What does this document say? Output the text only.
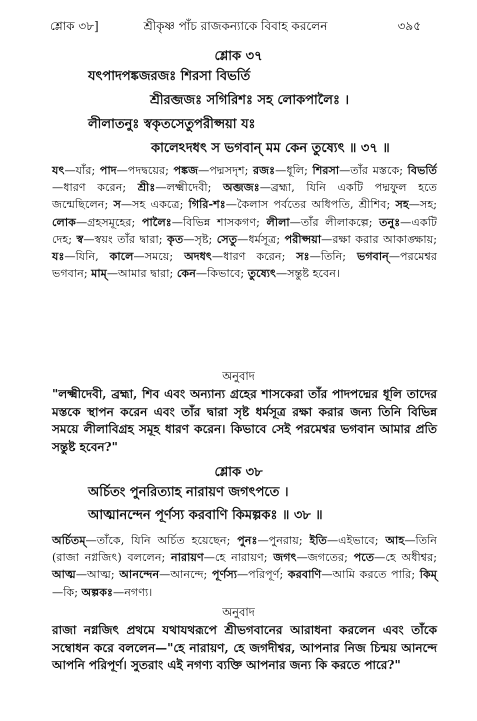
শ্লোক ৩৮]	শ্রীকৃষ্ণ পাঁচ রাজকন্যাকে বিবাহ করলেন	৩৯৫
শ্লোক ৩৭
যৎপাদপঙ্কজরজঃ শিরসা বিভর্তি
শ্রীরব্জজঃ সগিরিশঃ সহ লোকপালৈঃ ।
লীলাতনুঃ স্বকৃতসেতুপরীপ্সয়া যঃ
কালেঽদধৎ স ভগবান্ মম কেন তুষ্যেৎ ॥ ৩৭ ॥
যৎ—যাঁর; পাদ—পদদ্বয়ের; পঙ্কজ—পদ্মসদৃশ; রজঃ—ধূলি; শিরসা—তাঁর মস্তকে; বিভর্তি—ধারণ করেন; শ্রীঃ—লক্ষ্মীদেবী; অব্জজঃ—ব্রহ্মা, যিনি একটি পদ্মফুল হতে জন্মেছিলেন; স—সহ একত্রে; গিরি-শঃ—কৈলাস পর্বতের অধিপতি, শ্রীশিব; সহ—সহ; লোক—গ্রহসমূহের; পালৈঃ—বিভিন্ন শাসকগণ; লীলা—তাঁর লীলাকল্পে; তনুঃ—একটি দেহ; স্ব—স্বয়ং তাঁর দ্বারা; কৃত—সৃষ্ট; সেতু—ধর্মসূত্র; পরীপ্সয়া—রক্ষা করার আকাঙ্ক্ষায়; যঃ—যিনি, কালে—সময়ে; অদধৎ—ধারণ করেন; সঃ—তিনি; ভগবান্—পরমেশ্বর ভগবান; মাম্—আমার দ্বারা; কেন—কিভাবে; তুষ্যেৎ—সন্তুষ্ট হবেন।
অনুবাদ
"লক্ষ্মীদেবী, ব্রহ্মা, শিব এবং অন্যান্য গ্রহের শাসকেরা তাঁর পাদপদ্মের ধূলি তাদের মস্তকে স্থাপন করেন এবং তাঁর দ্বারা সৃষ্ট ধর্মসূত্র রক্ষা করার জন্য তিনি বিভিন্ন সময়ে লীলাবিগ্রহ সমূহ ধারণ করেন। কিভাবে সেই পরমেশ্বর ভগবান আমার প্রতি সন্তুষ্ট হবেন?"
শ্লোক ৩৮
অর্চিতং পুনরিত্যাহ নারায়ণ জগৎপতে ।
আত্মানন্দেন পূর্ণস্য করবাণি কিমল্পকঃ ॥ ৩৮ ॥
অর্চিতম্—তাঁকে, যিনি অর্চিত হয়েছেন; পুনঃ—পুনরায়; ইতি—এইভাবে; আহ—তিনি (রাজা নগ্নজিৎ) বললেন; নারায়ণ—হে নারায়ণ; জগৎ—জগতের; পতে—হে অধীশ্বর; আত্ম—আত্ম; আনন্দেন—আনন্দে; পূর্ণস্য—পরিপূর্ণ; করবাণি—আমি করতে পারি; কিম্—কি; অল্পকঃ—নগণ্য।
অনুবাদ
রাজা নগ্নজিৎ প্রথমে যথাযথরূপে শ্রীভগবানের আরাধনা করলেন এবং তাঁকে সম্বোধন করে বললেন—"হে নারায়ণ, হে জগদীশ্বর, আপনার নিজ চিন্ময় আনন্দে আপনি পরিপূর্ণ। সুতরাং এই নগণ্য ব্যক্তি আপনার জন্য কি করতে পারে?"
